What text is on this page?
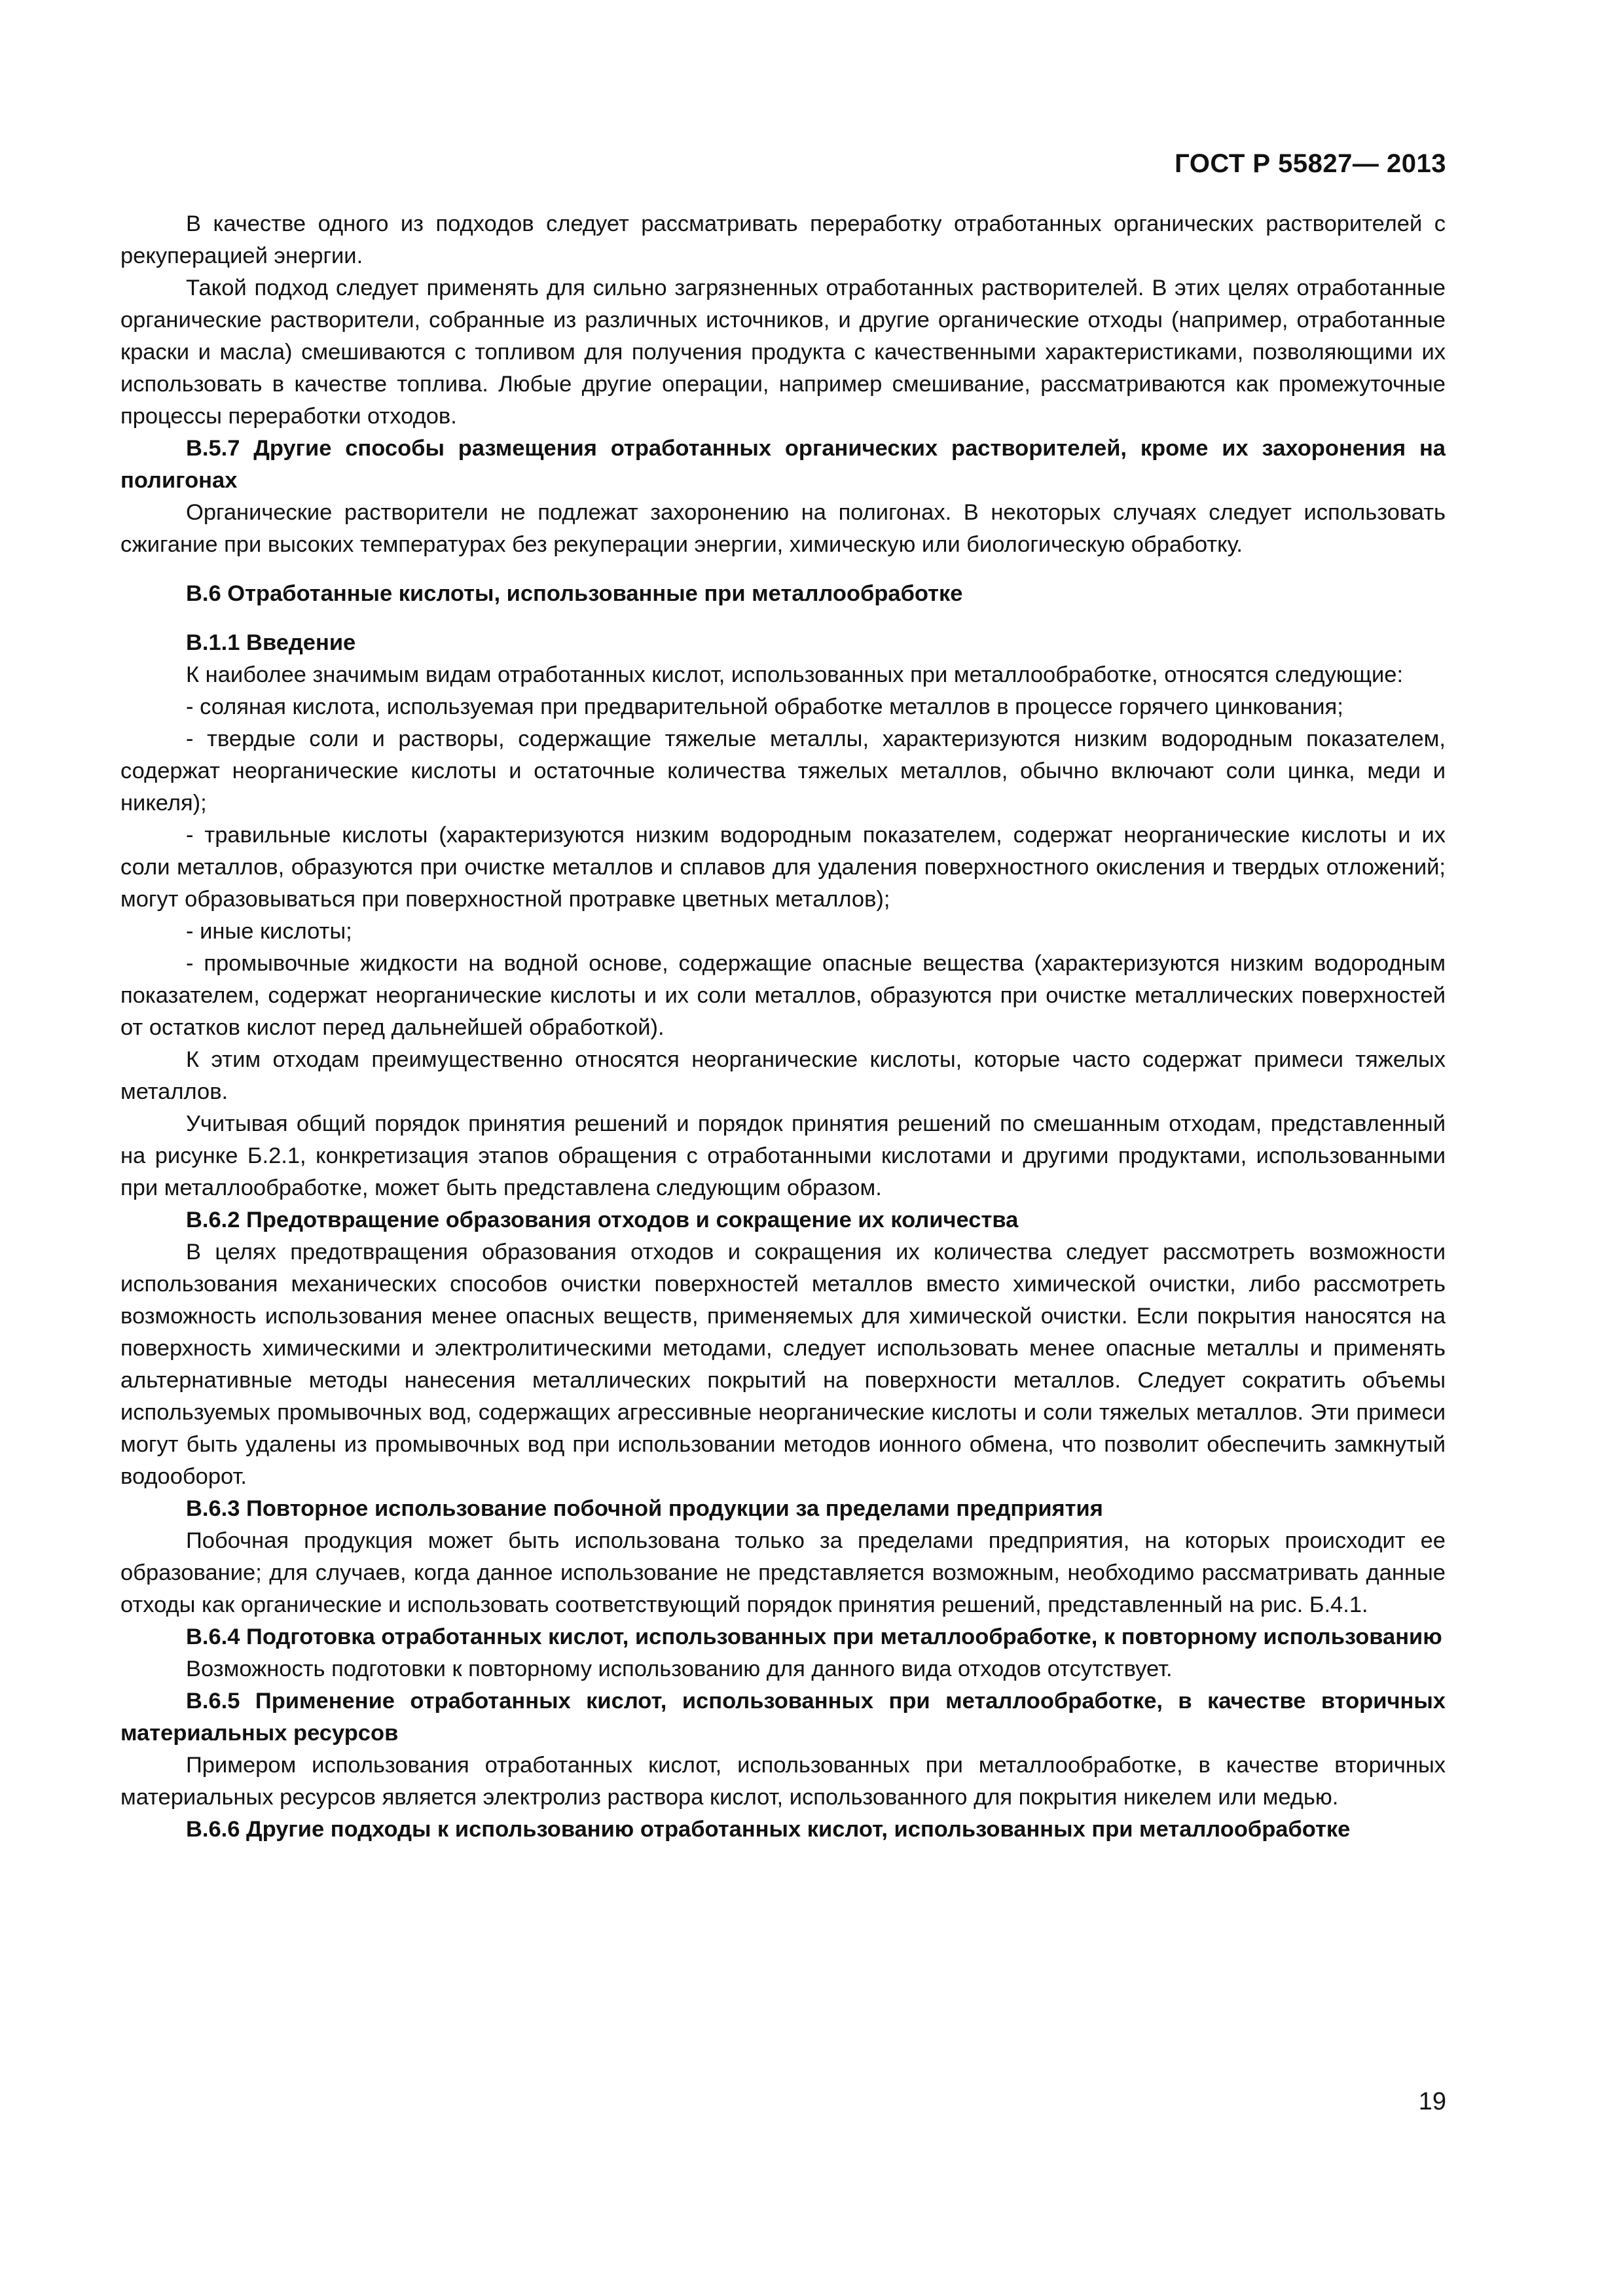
ГОСТ Р 55827— 2013

В качестве одного из подходов следует рассматривать переработку отработанных органических растворителей с рекуперацией энергии.

Такой подход следует применять для сильно загрязненных отработанных растворителей. В этих целях отработанные органические растворители, собранные из различных источников, и другие органические отходы (например, отработанные краски и масла) смешиваются с топливом для получения продукта с качественными характеристиками, позволяющими их использовать в качестве топлива. Любые другие операции, например смешивание, рассматриваются как промежуточные процессы переработки отходов.

В.5.7 Другие способы размещения отработанных органических растворителей, кроме их захоронения на полигонах

Органические растворители не подлежат захоронению на полигонах. В некоторых случаях следует использовать сжигание при высоких температурах без рекуперации энергии, химическую или биологическую обработку.

В.6 Отработанные кислоты, использованные при металлообработке
В.1.1 Введение

К наиболее значимым видам отработанных кислот, использованных при металлообработке, относятся следующие:

- соляная кислота, используемая при предварительной обработке металлов в процессе горячего цинкования;

- твердые соли и растворы, содержащие тяжелые металлы, характеризуются низким водородным показателем, содержат неорганические кислоты и остаточные количества тяжелых металлов, обычно включают соли цинка, меди и никеля);

- травильные кислоты (характеризуются низким водородным показателем, содержат неорганические кислоты и их соли металлов, образуются при очистке металлов и сплавов для удаления поверхностного окисления и твердых отложений; могут образовываться при поверхностной протравке цветных металлов);

- иные кислоты;

- промывочные жидкости на водной основе, содержащие опасные вещества (характеризуются низким водородным показателем, содержат неорганические кислоты и их соли металлов, образуются при очистке металлических поверхностей от остатков кислот перед дальнейшей обработкой).

К этим отходам преимущественно относятся неорганические кислоты, которые часто содержат примеси тяжелых металлов.

Учитывая общий порядок принятия решений и порядок принятия решений по смешанным отходам, представленный на рисунке Б.2.1, конкретизация этапов обращения с отработанными кислотами и другими продуктами, использованными при металлообработке, может быть представлена следующим образом.

В.6.2 Предотвращение образования отходов и сокращение их количества

В целях предотвращения образования отходов и сокращения их количества следует рассмотреть возможности использования механических способов очистки поверхностей металлов вместо химической очистки, либо рассмотреть возможность использования менее опасных веществ, применяемых для химической очистки. Если покрытия наносятся на поверхность химическими и электролитическими методами, следует использовать менее опасные металлы и применять альтернативные методы нанесения металлических покрытий на поверхности металлов. Следует сократить объемы используемых промывочных вод, содержащих агрессивные неорганические кислоты и соли тяжелых металлов. Эти примеси могут быть удалены из промывочных вод при использовании методов ионного обмена, что позволит обеспечить замкнутый водооборот.

В.6.3 Повторное использование побочной продукции за пределами предприятия

Побочная продукция может быть использована только за пределами предприятия, на которых происходит ее образование; для случаев, когда данное использование не представляется возможным, необходимо рассматривать данные отходы как органические и использовать соответствующий порядок принятия решений, представленный на рис. Б.4.1.

В.6.4 Подготовка отработанных кислот, использованных при металлообработке, к повторному использованию

Возможность подготовки к повторному использованию для данного вида отходов отсутствует.

В.6.5 Применение отработанных кислот, использованных при металлообработке, в качестве вторичных материальных ресурсов

Примером использования отработанных кислот, использованных при металлообработке, в качестве вторичных материальных ресурсов является электролиз раствора кислот, использованного для покрытия никелем или медью.

В.6.6 Другие подходы к использованию отработанных кислот, использованных при металлообработке
19
